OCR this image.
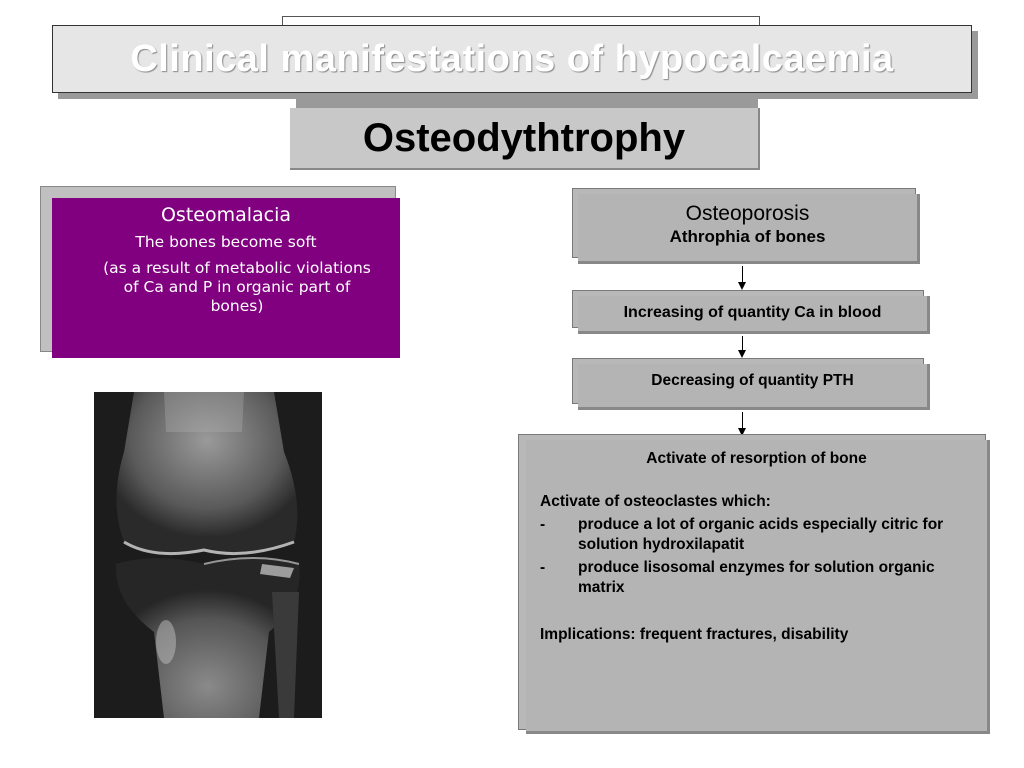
Clinical manifestations of hypocalcaemia
Osteodythtrophy
Osteomalacia
The bones become soft
(as a result of metabolic violations of Ca and P in organic part of bones)
Osteoporosis
Athrophia of bones
Increasing of quantity Ca in blood
Decreasing of quantity PTH
Activate of resorption of bone

Activate of osteoclastes which:

-	produce a lot of organic acids especially citric for solution hydroxilapatit
-	produce lisosomal enzymes for solution organic matrix

Implications: frequent fractures, disability
